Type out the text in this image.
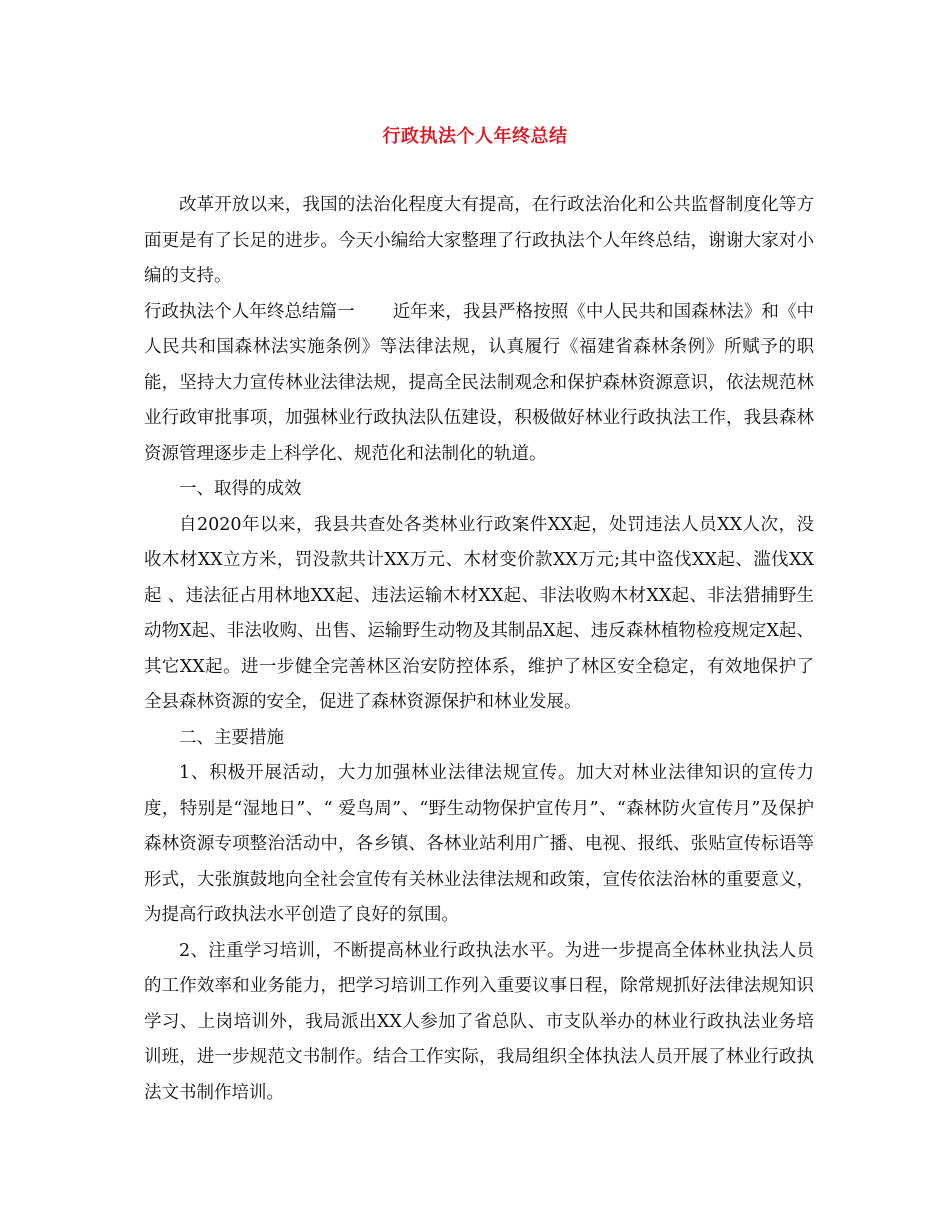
行政执法个人年终总结

改革开放以来，我国的法治化程度大有提高，在行政法治化和公共监督制度化等方面更是有了长足的进步。今天小编给大家整理了行政执法个人年终总结，谢谢大家对小编的支持。

行政执法个人年终总结篇一 近年来，我县严格按照《中人民共和国森林法》和《中人民共和国森林法实施条例》等法律法规，认真履行《福建省森林条例》所赋予的职能，坚持大力宣传林业法律法规，提高全民法制观念和保护森林资源意识，依法规范林业行政审批事项，加强林业行政执法队伍建设，积极做好林业行政执法工作，我县森林资源管理逐步走上科学化、规范化和法制化的轨道。

一、取得的成效

自2020年以来，我县共查处各类林业行政案件XX起，处罚违法人员XX人次，没收木材XX立方米，罚没款共计XX万元、木材变价款XX万元;其中盗伐XX起、滥伐XX起 、违法征占用林地XX起、违法运输木材XX起、非法收购木材XX起、非法猎捕野生动物X起、非法收购、出售、运输野生动物及其制品X起、违反森林植物检疫规定X起、其它XX起。进一步健全完善林区治安防控体系，维护了林区安全稳定，有效地保护了全县森林资源的安全，促进了森林资源保护和林业发展。

二、主要措施

1、积极开展活动，大力加强林业法律法规宣传。加大对林业法律知识的宣传力度，特别是“湿地日”、“ 爱鸟周”、“野生动物保护宣传月”、“森林防火宣传月”及保护森林资源专项整治活动中，各乡镇、各林业站利用广播、电视、报纸、张贴宣传标语等形式，大张旗鼓地向全社会宣传有关林业法律法规和政策，宣传依法治林的重要意义，为提高行政执法水平创造了良好的氛围。

2、注重学习培训，不断提高林业行政执法水平。为进一步提高全体林业执法人员的工作效率和业务能力，把学习培训工作列入重要议事日程，除常规抓好法律法规知识学习、上岗培训外，我局派出XX人参加了省总队、市支队举办的林业行政执法业务培训班，进一步规范文书制作。结合工作实际，我局组织全体执法人员开展了林业行政执法文书制作培训。
